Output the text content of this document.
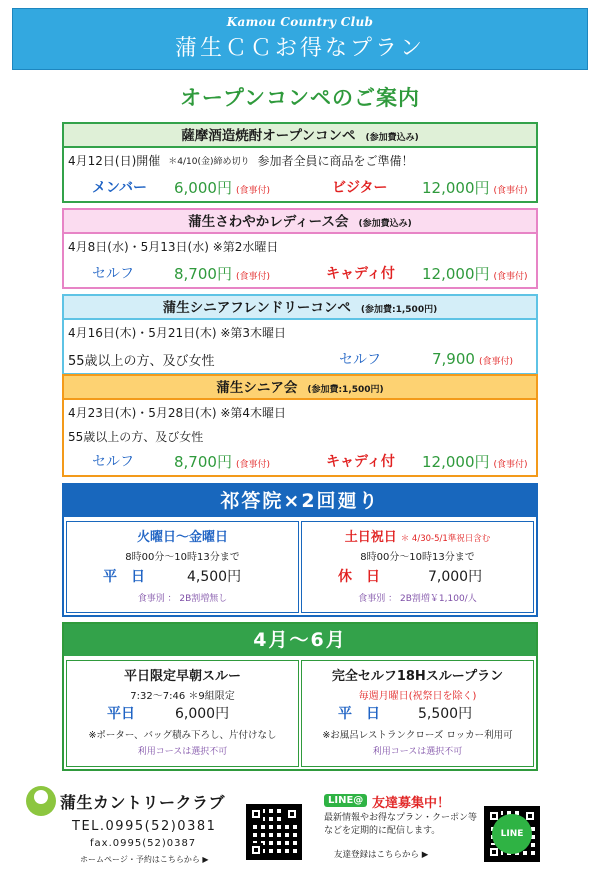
Kamou Country Club
蒲生ＣＣお得なプラン
オープンコンペのご案内
薩摩酒造焼酎オープンコンペ (参加費込み)
4月12日(日)開催 ＊4/10(金)締め切り 参加者全員に商品をご準備！
メンバー 6,000円 (食事付)	ビジター 12,000円 (食事付)
蒲生さわやかレディース会 (参加費込み)
4月8日(水)・5月13日(水) ※第2水曜日
セルフ	8,700円 (食事付)	キャディ付 12,000円 (食事付)
蒲生シニアフレンドリーコンペ (参加費:1,500円)
4月16日(木)・5月21日(木) ※第3木曜日
55歳以上の方、及び女性	セルフ	7,900 (食事付)
蒲生シニア会 (参加費:1,500円)
4月23日(木)・5月28日(木) ※第4木曜日
55歳以上の方、及び女性
セルフ	8,700円 (食事付)	キャディ付 12,000円 (食事付)
祁答院×2回廻り
火曜日～金曜日
8時00分～10時13分まで
平　日	4,500円
食事別 ： 2B割増無し
土日祝日 ＊ 4/30-5/1準祝日含む
8時00分～10時13分まで
休　日	7,000円
食事別 ： 2B割増￥1,100/人
4月～6月
平日限定早朝スルー
7:32～7:46 ＊9組限定
平日	6,000円
※ポーター、バッグ積み下ろし、片付けなし
利用コースは選択不可
完全セルフ18Hスループラン
毎週月曜日(祝祭日を除く)
平　日	5,500円
※お風呂レストランクローズ ロッカー利用可
利用コースは選択不可
蒲生カントリークラブ
TEL.0995(52)0381
fax.0995(52)0387
ホームページ・予約はこちらから ▶
LINE@ 友達募集中！
最新情報やお得なプラン・クーポン等などを定期的に配信します。
友達登録はこちらから ▶
LINE
